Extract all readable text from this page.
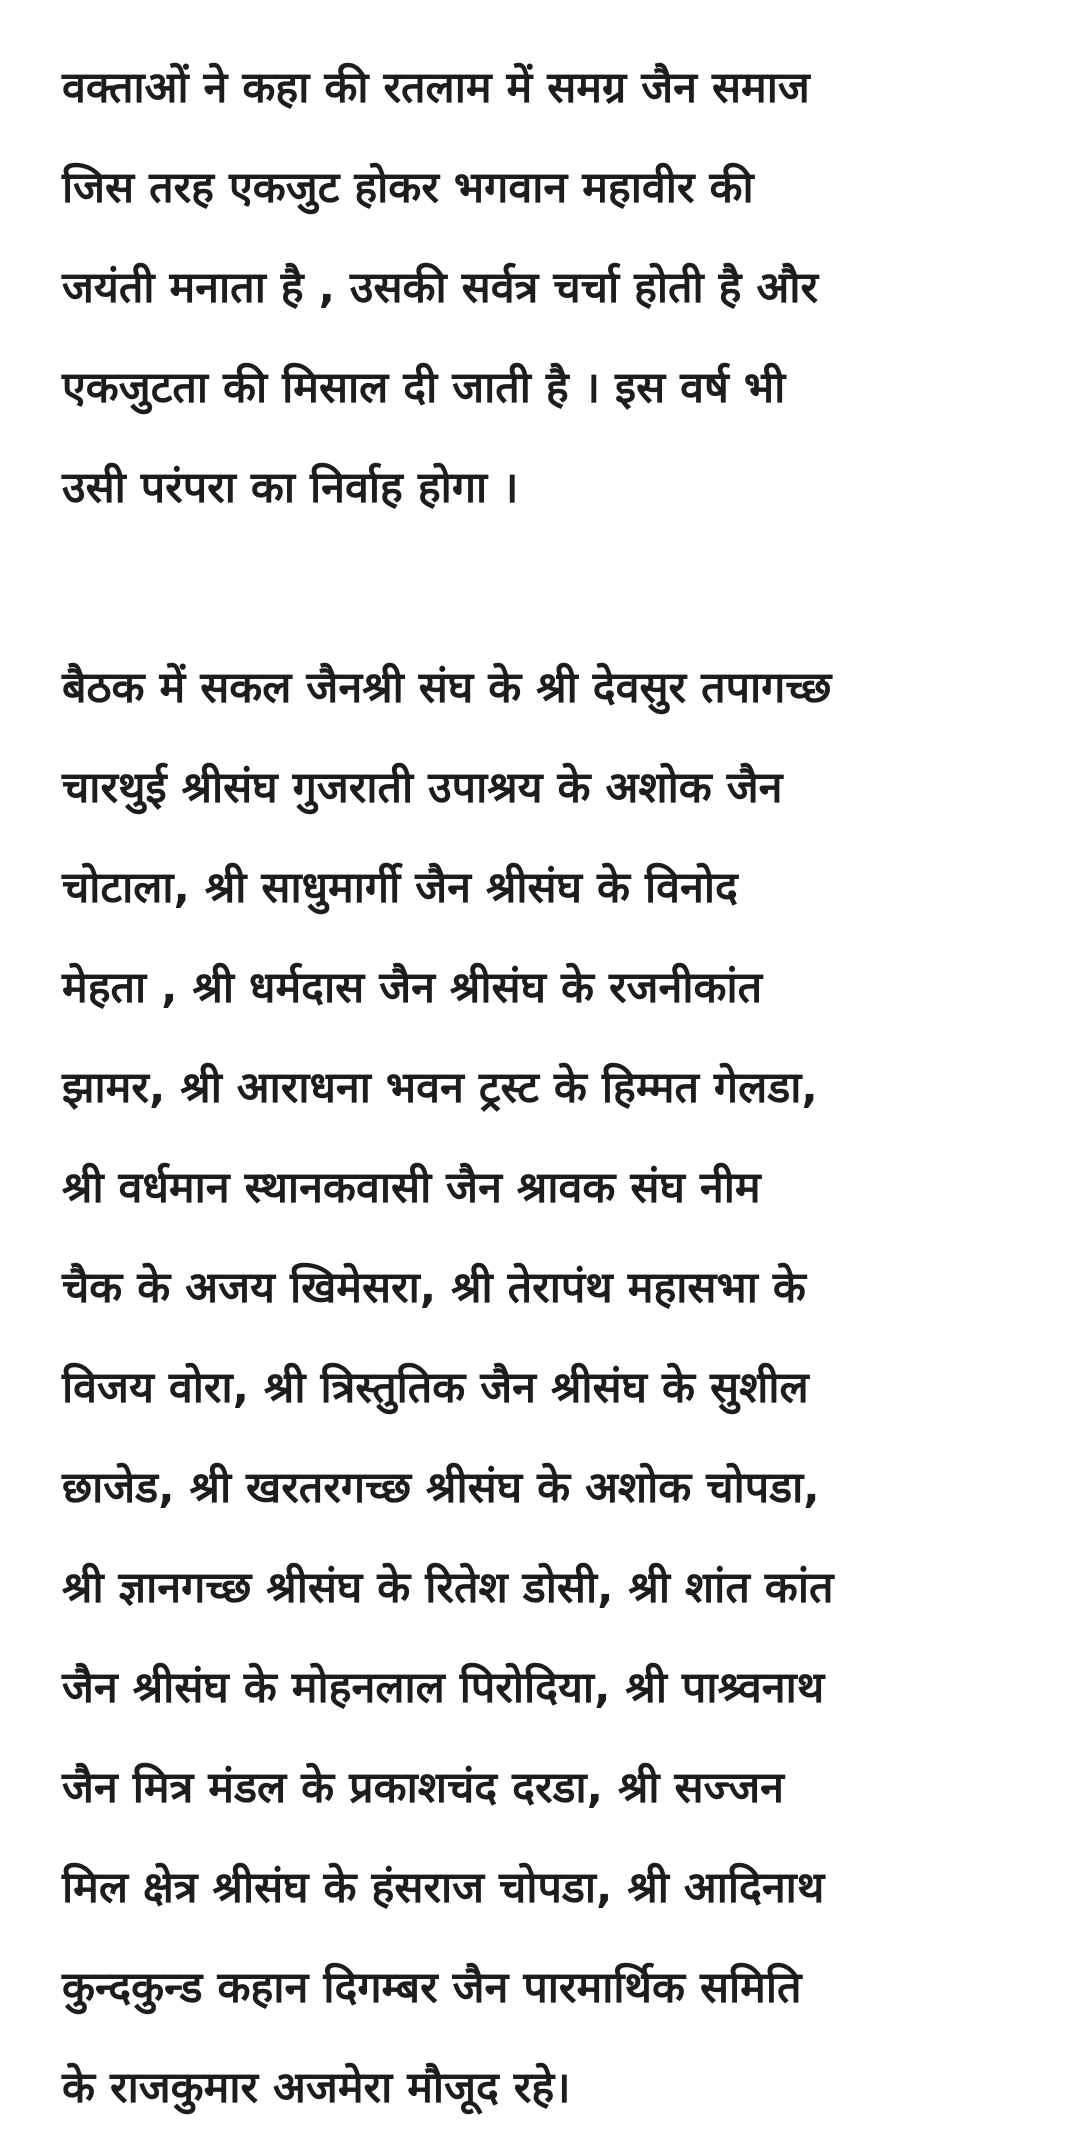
वक्ताओं ने कहा की रतलाम में समग्र जैन समाज
जिस तरह एकजुट होकर भगवान महावीर की
जयंती मनाता है , उसकी सर्वत्र चर्चा होती है और
एकजुटता की मिसाल दी जाती है । इस वर्ष भी
उसी परंपरा का निर्वाह होगा ।
बैठक में सकल जैनश्री संघ के श्री देवसुर तपागच्छ
चारथुई श्रीसंघ गुजराती उपाश्रय के अशोक जैन
चोटाला, श्री साधुमार्गी जैन श्रीसंघ के विनोद
मेहता , श्री धर्मदास जैन श्रीसंघ के रजनीकांत
झामर, श्री आराधना भवन ट्रस्ट के हिम्मत गेलडा,
श्री वर्धमान स्थानकवासी जैन श्रावक संघ नीम
चैक के अजय खिमेसरा, श्री तेरापंथ महासभा के
विजय वोरा, श्री त्रिस्तुतिक जैन श्रीसंघ के सुशील
छाजेड, श्री खरतरगच्छ श्रीसंघ के अशोक चोपडा,
श्री ज्ञानगच्छ श्रीसंघ के रितेश डोसी, श्री शांत कांत
जैन श्रीसंघ के मोहनलाल पिरोदिया, श्री पाश्र्वनाथ
जैन मित्र मंडल के प्रकाशचंद दरडा, श्री सज्जन
मिल क्षेत्र श्रीसंघ के हंसराज चोपडा, श्री आदिनाथ
कुन्दकुन्ड कहान दिगम्बर जैन पारमार्थिक समिति
के राजकुमार अजमेरा मौजूद रहे।
